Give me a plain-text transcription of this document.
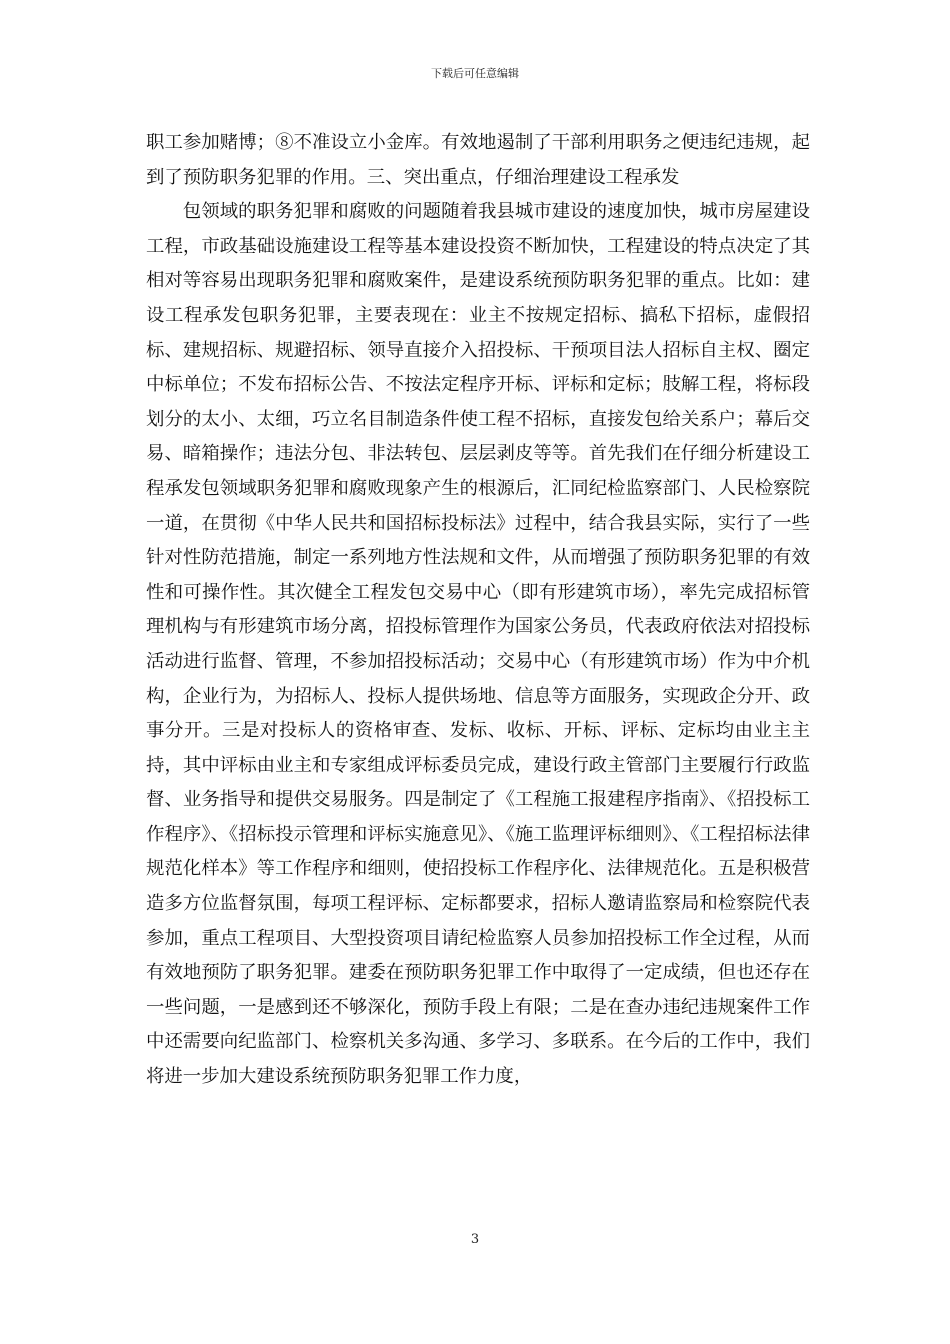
下载后可任意编辑

职工参加赌博；⑧不准设立小金库。有效地遏制了干部利用职务之便违纪违规，起到了预防职务犯罪的作用。三、突出重点，仔细治理建设工程承发

包领域的职务犯罪和腐败的问题随着我县城市建设的速度加快，城市房屋建设工程，市政基础设施建设工程等基本建设投资不断加快，工程建设的特点决定了其相对等容易出现职务犯罪和腐败案件，是建设系统预防职务犯罪的重点。比如：建设工程承发包职务犯罪，主要表现在：业主不按规定招标、搞私下招标，虚假招标、建规招标、规避招标、领导直接介入招投标、干预项目法人招标自主权、圈定中标单位；不发布招标公告、不按法定程序开标、评标和定标；肢解工程，将标段划分的太小、太细，巧立名目制造条件使工程不招标，直接发包给关系户；幕后交易、暗箱操作；违法分包、非法转包、层层剥皮等等。首先我们在仔细分析建设工程承发包领域职务犯罪和腐败现象产生的根源后，汇同纪检监察部门、人民检察院一道，在贯彻《中华人民共和国招标投标法》过程中，结合我县实际，实行了一些针对性防范措施，制定一系列地方性法规和文件，从而增强了预防职务犯罪的有效性和可操作性。其次健全工程发包交易中心（即有形建筑市场），率先完成招标管理机构与有形建筑市场分离，招投标管理作为国家公务员，代表政府依法对招投标活动进行监督、管理，不参加招投标活动；交易中心（有形建筑市场）作为中介机构，企业行为，为招标人、投标人提供场地、信息等方面服务，实现政企分开、政事分开。三是对投标人的资格审查、发标、收标、开标、评标、定标均由业主主持，其中评标由业主和专家组成评标委员完成，建设行政主管部门主要履行行政监督、业务指导和提供交易服务。四是制定了《工程施工报建程序指南》、《招投标工作程序》、《招标投示管理和评标实施意见》、《施工监理评标细则》、《工程招标法律规范化样本》等工作程序和细则，使招投标工作程序化、法律规范化。五是积极营造多方位监督氛围，每项工程评标、定标都要求，招标人邀请监察局和检察院代表参加，重点工程项目、大型投资项目请纪检监察人员参加招投标工作全过程，从而有效地预防了职务犯罪。建委在预防职务犯罪工作中取得了一定成绩，但也还存在一些问题，一是感到还不够深化，预防手段上有限；二是在查办违纪违规案件工作中还需要向纪监部门、检察机关多沟通、多学习、多联系。在今后的工作中，我们将进一步加大建设系统预防职务犯罪工作力度，

3
